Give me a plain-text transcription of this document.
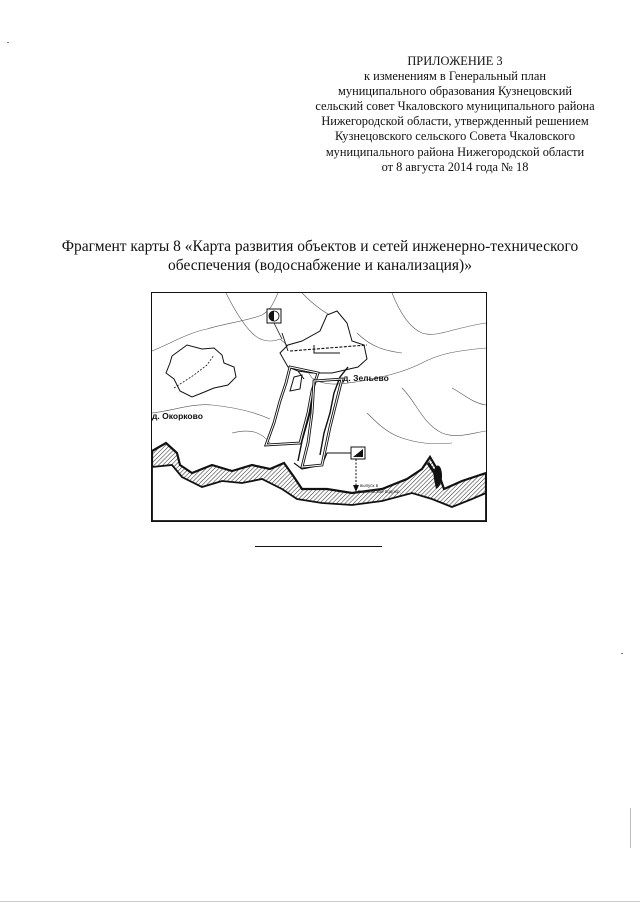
ПРИЛОЖЕНИЕ 3
к изменениям в Генеральный план
муниципального образования Кузнецовский
сельский совет Чкаловского муниципального района
Нижегородской области, утвержденный решением
Кузнецовского сельского Совета Чкаловского
муниципального района Нижегородской области
от 8 августа 2014 года № 18
Фрагмент карты 8 «Карта развития объектов и сетей инженерно-технического
обеспечения (водоснабжение и канализация)»
д. Зельево
д. Окорково
выпуск в
Горьковское водохр.
